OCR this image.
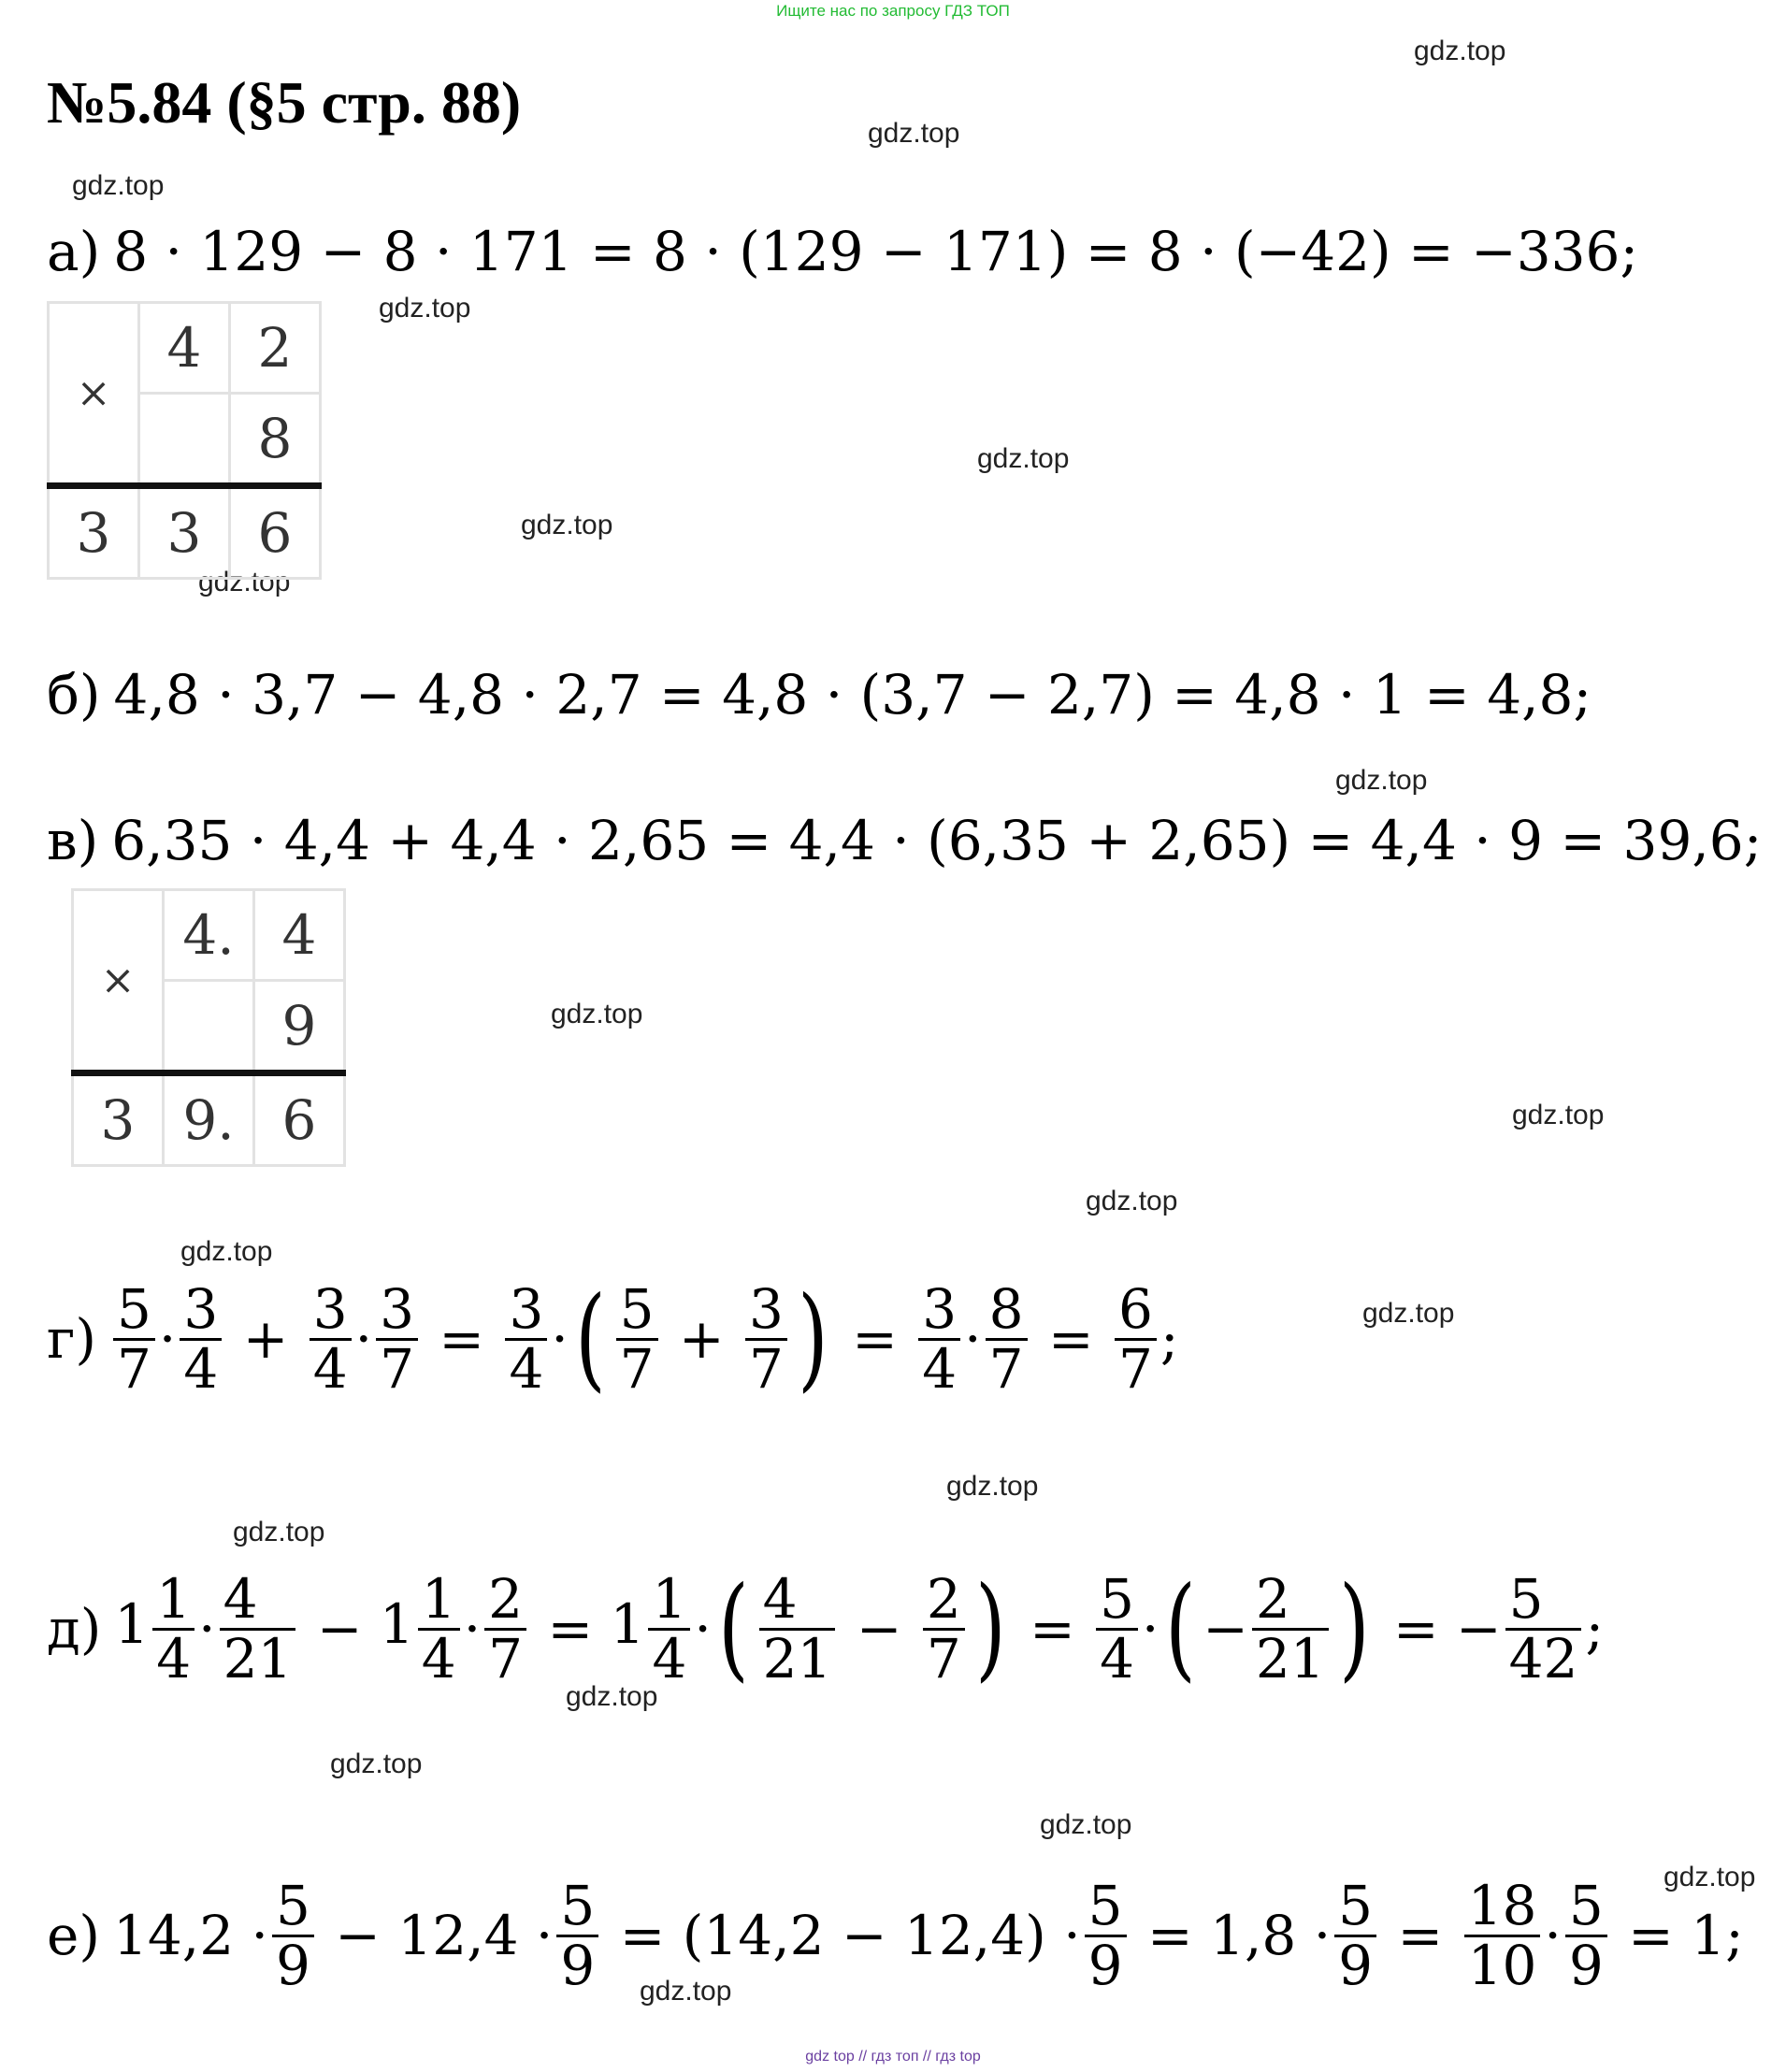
Ищите нас по запросу ГДЗ ТОП
№5.84 (§5 стр. 88)
gdz.top
gdz.top
gdz.top
gdz.top
gdz.top
gdz.top
gdz.top
gdz.top
gdz.top
gdz.top
gdz.top
gdz.top
gdz.top
gdz.top
gdz.top
gdz.top
gdz.top
gdz.top
gdz.top
gdz.top
а) 8 · 129 − 8 · 171 = 8 · (129 − 171) = 8 · (−42) = −336;
×	4	2
		8
3	3	6
б) 4,8 · 3,7 − 4,8 · 2,7 = 4,8 · (3,7 − 2,7) = 4,8 · 1 = 4,8;
в) 6,35 · 4,4 + 4,4 · 2,65 = 4,4 · (6,35 + 2,65) = 4,4 · 9 = 39,6;
×	4.	4
		9
3	9.	6
$г) \frac{5}{7} \cdot \frac{3}{4} + \frac{3}{4} \cdot \frac{3}{7} = \frac{3}{4}$ · ( $\frac{5}{7} + \frac{3}{7}$ ) = $\frac{3}{4} \cdot \frac{8}{7} = \frac{6}{7}$ ;
д) $1 \frac{1}{4} \cdot \frac{4}{21} - 1 \frac{1}{4} \cdot \frac{2}{7} = 1 \frac{1}{4}$ · ( $\frac{4}{21} - \frac{2}{7}$ ) = $\frac{5}{4}$ · ( − $\frac{2}{21}$ ) = − $\frac{5}{42}$ ;
е) $14,2 \cdot \frac{5}{9} - 12,4 \cdot \frac{5}{9} = (14,2 - 12,4) \cdot \frac{5}{9} = 1,8 \cdot \frac{5}{9} = \frac{18}{10} \cdot \frac{5}{9} = 1$ ;
gdz top // гдз топ // гдз top
